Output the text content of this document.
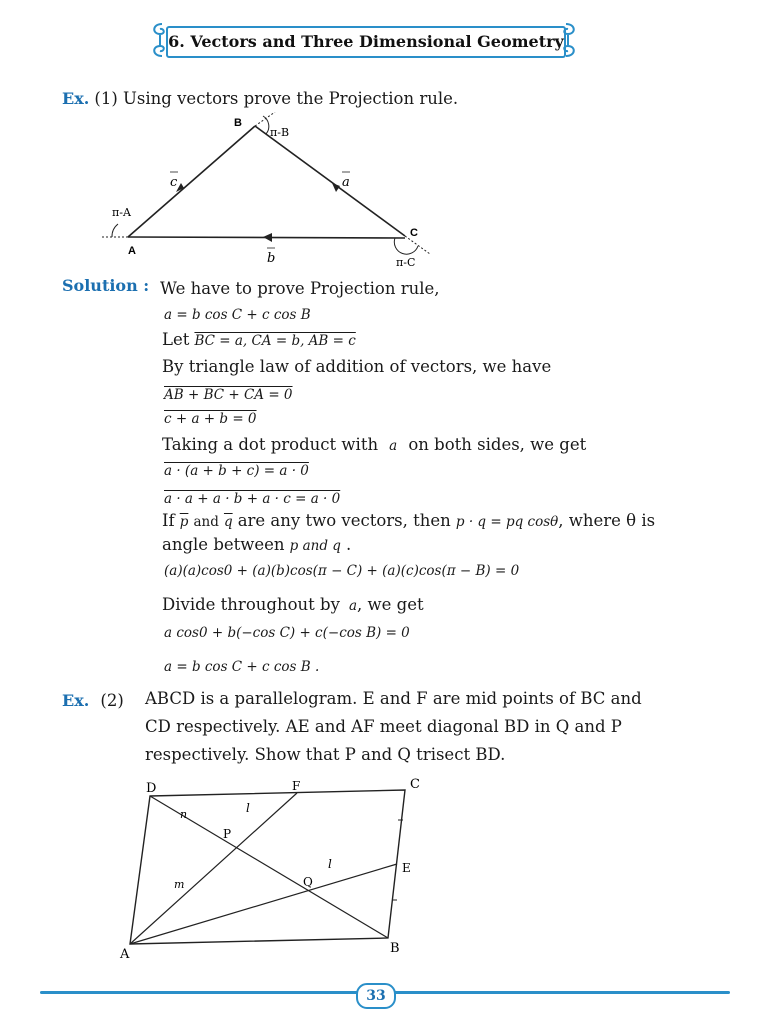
6. Vectors and Three Dimensional Geometry
Ex. (1) Using vectors prove the Projection rule.
B
π-B
π-A
A
C
π-C
c	a
b
Solution : We have to prove Projection rule,
a = b cos C + c cos B
Let BC = a, CA = b, AB = c
By triangle law of addition of vectors, we have
AB + BC + CA = 0
c + a + b = 0
Taking a dot product with a on both sides, we get
a · (a + b + c) = a · 0
a · a + a · b + a · c = a · 0
If $\overline{p}$ and $\overline{q}$ are any two vectors, then p · q = pq cosθ, where θ is
angle between p and q .
(a)(a)cos0 + (a)(b)cos(π − C) + (a)(c)cos(π − B) = 0
Divide throughout by a, we get
a cos0 + b(−cos C) + c(−cos B) = 0
a = b cos C + c cos B .
Ex. (2) ABCD is a parallelogram. E and F are mid points of BC and
CD respectively. AE and AF meet diagonal BD in Q and P
respectively. Show that P and Q trisect BD.
D	F	C
n	l
P
l	E
m	Q
A	B
33
